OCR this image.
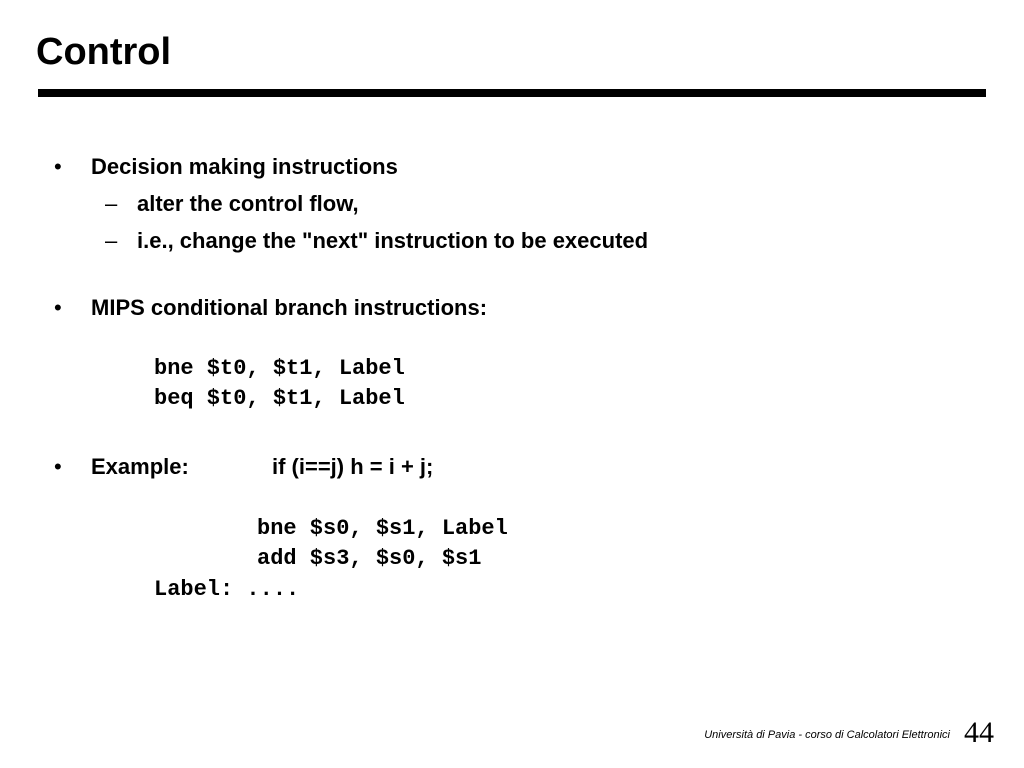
Control
• Decision making instructions
– alter the control flow,
– i.e., change the "next" instruction to be executed
• MIPS conditional branch instructions:
bne $t0, $t1, Label
beq $t0, $t1, Label
• Example:	if (i==j) h = i + j;
bne $s0, $s1, Label
add $s3, $s0, $s1
Label: ....
Università di Pavia - corso di Calcolatori Elettronici 44
